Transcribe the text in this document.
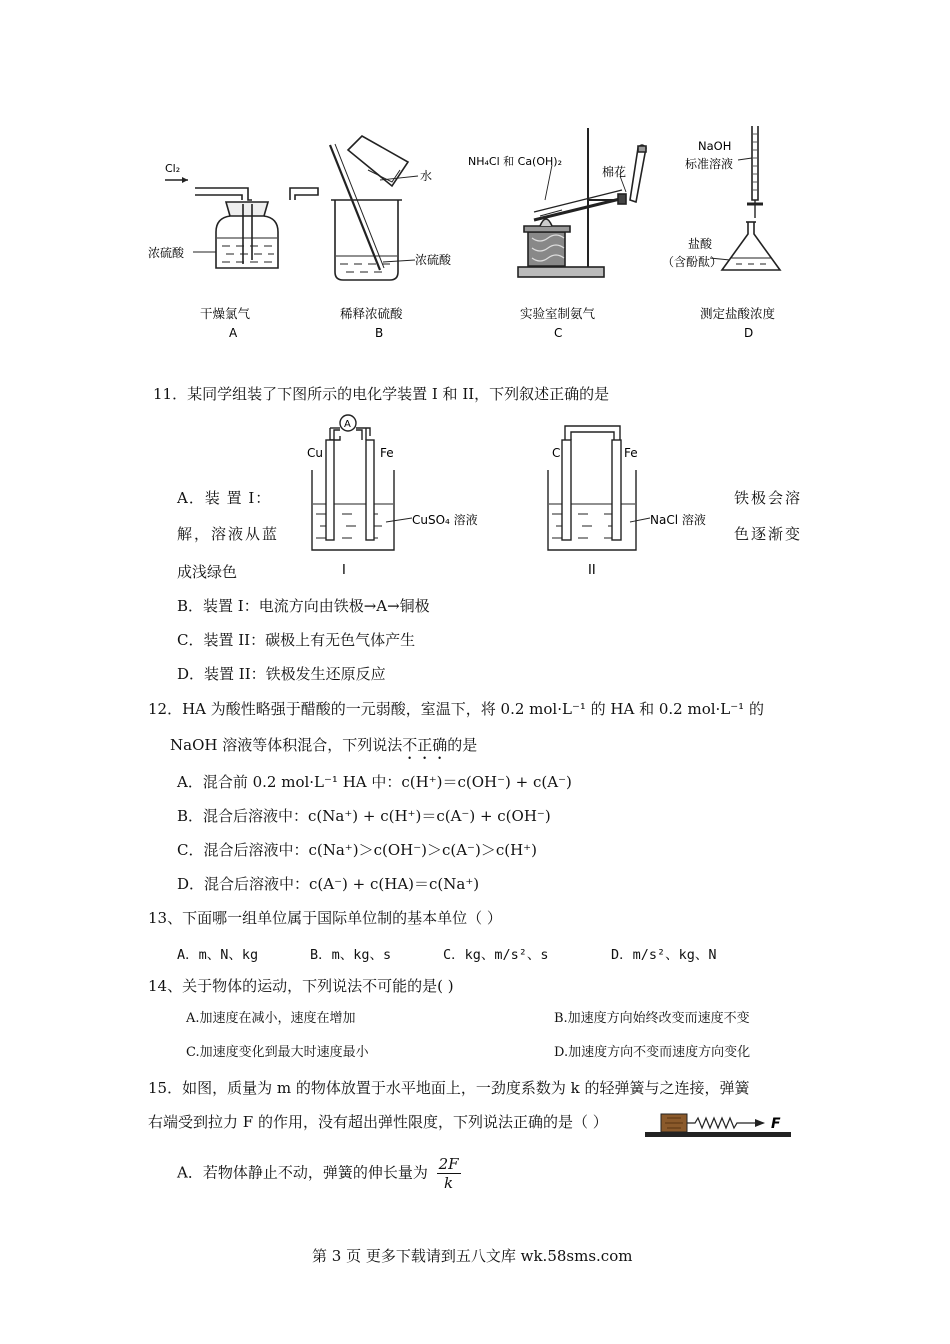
Cl₂
浓硫酸
干燥氯气
A
水
浓硫酸
稀释浓硫酸
B
NH₄Cl 和 Ca(OH)₂
棉花
实验室制氨气
C
NaOH
标准溶液
盐酸
（含酚酞）
测定盐酸浓度
D
11．某同学组装了下图所示的电化学装置 I 和 II，下列叙述正确的是
A
Cu	Fe
CuSO₄ 溶液
I
C	Fe
NaCl 溶液
II
A．装 置 I：	铁极会溶
解，溶液从蓝	色逐渐变
成浅绿色
B．装置 I：电流方向由铁极→A→铜极
C．装置 II：碳极上有无色气体产生
D．装置 II：铁极发生还原反应
12．HA 为酸性略强于醋酸的一元弱酸，室温下，将 0.2 mol·L⁻¹ 的 HA 和 0.2 mol·L⁻¹ 的
NaOH 溶液等体积混合，下列说法不正确的是
A．混合前 0.2 mol·L⁻¹ HA 中：c(H⁺)＝c(OH⁻) + c(A⁻)
B．混合后溶液中：c(Na⁺) + c(H⁺)＝c(A⁻) + c(OH⁻)
C．混合后溶液中：c(Na⁺)＞c(OH⁻)＞c(A⁻)＞c(H⁺)
D．混合后溶液中：c(A⁻) + c(HA)＝c(Na⁺)
13、下面哪一组单位属于国际单位制的基本单位（ ）
A．m、N、kg	B．m、kg、s	C．kg、m/s²、s	D．m/s²、kg、N
14、关于物体的运动，下列说法不可能的是( )
A.加速度在减小，速度在增加	B.加速度方向始终改变而速度不变
C.加速度变化到最大时速度最小	D.加速度方向不变而速度方向变化
15．如图，质量为 m 的物体放置于水平地面上，一劲度系数为 k 的轻弹簧与之连接，弹簧
右端受到拉力 F 的作用，没有超出弹性限度，下列说法正确的是（ ）	F
A．若物体静止不动，弹簧的伸长量为 $\frac{2F}{k}$
第 3 页 更多下载请到五八文库 wk.58sms.com
